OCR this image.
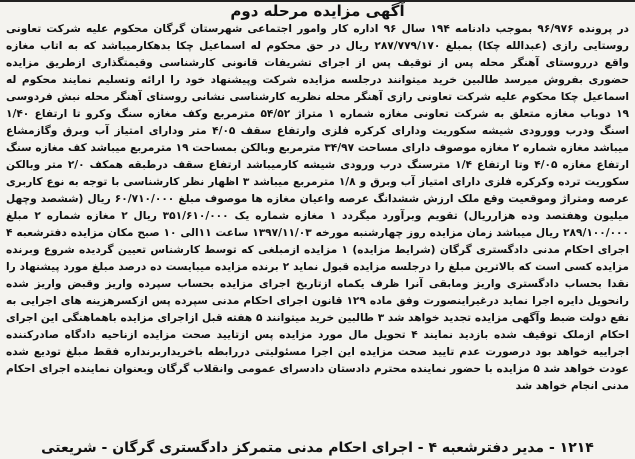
آگهی مزایده مرحله دوم

در پرونده ۹۶/۹۷۶ بموجب دادنامه ۱۹۴ سال ۹۶ اداره کار وامور اجتماعی شهرستان گرگان محکوم علیه شرکت تعاونی روستایی رازی (عبدالله چکا) بمبلغ ۲۸۷/۷۷۹/۱۷۰ ریال در حق محکوم له اسماعیل چکا بدهکارمیباشد که به اتاب مغازه واقع درروستای آهنگر محله پس از توقیف پس از اجرای تشریفات قانونی کارشناسی وقیمتگذاری ازطریق مزایده حضوری بفروش میرسد طالبین خرید میتوانند درجلسه مزایده شرکت وپیشنهاد خود را ارائه وتسلیم نمایند محکوم له اسماعیل چکا محکوم علیه شرکت تعاونی رازی آهنگر محله نظریه کارشناسی نشانی روستای آهنگر محله نبش فردوسی ۱۹ دوباب مغازه متعلق به شرکت تعاونی مغازه شماره ۱ متراژ ۵۴/۵۲ مترمربع وکف مغازه سنگ وکرو تا ارتفاع ۱/۴۰ اسنگ ودرب وورودی شیشه سکوریت ودارای کرکره فلزی وارتفاع سقف ۴/۰۵ متر ودارای امتیاز آب وبرق وگازمشاع میباشد مغازه شماره ۲ مغازه موصوف دارای مساحت ۳۴/۹۷ مترمربع وبالکن بمساحت ۱۹ مترمربع میباشد کف مغازه سنگ ارتفاع مغازه ۴/۰۵ وتا ارتفاع ۱/۴ مترسنگ درب ورودی شیشه کارمیباشد ارتفاع سقف درطبقه همکف ۲/۰ متر وبالکن سکوریت ترده وکرکره فلزی دارای امتیاز آب وبرق و ۱/۸ مترمربع میباشد ۳ اظهار نظر کارشناسی با توجه به نوع کاربری عرصه ومتراژ وموقعیت وقع ملک ارزش ششدانگ عرصه واعیان مغازه ها موصوف مبلغ ۶۰/۷۱۰/۰۰۰ ریال (ششصد وچهل میلیون وهفتصد وده هزارریال) تقویم وبرآورد میگردد ۱ مغازه شماره یک ۳۵۱/۶۱۰/۰۰۰ ریال ۲ مغازه شماره ۲ مبلغ ۲۸۹/۱۰۰/۰۰۰ ریال میباشد زمان مزایده روز چهارشنبه مورخه ۱۳۹۷/۱۱/۰۳ ساعت ۱۱الی ۱۰ صبح مکان مزایده دفترشعبه ۴ اجرای احکام مدنی دادگستری گرگان (شرایط مزایده) ۱ مزایده ازمبلغی که توسط کارشناس تعیین گردیده شروع وبرنده مزایده کسی است که بالاترین مبلغ را درجلسه مزایده قبول نماید ۲ برنده مزایده میبایست ده درصد مبلغ مورد پیشنهاد را نقدا بحساب دادگستری واریز ومابقی آنرا ظرف یکماه ازتاریخ اجرای مزایده بحساب سپرده واریز وقبض واریز شده رانحویل دایره اجرا نماید درغیراینصورت وفق ماده ۱۲۹ قانون اجرای احکام مدنی سپرده پس ازکسرهزینه های اجرایی به نفع دولت ضبط وآگهی مزایده تجدید خواهد شد ۳ طالبین خرید میتوانند ۵ هفته قبل ازاجرای مزایده باهماهنگی این اجرای احکام ازملک توقیف شده بازدید نمایند ۴ تحویل مال مورد مزایده پس ازتایید صحت مزایده ازناحیه دادگاه صادرکننده اجراییه خواهد بود درصورت عدم تایید صحت مزایده این اجرا مسئولیتی دررابطه باخریداربرنداره فقط مبلغ تودیع شده عودت خواهد شد ۵ مزایده با حضور نماینده محترم دادستان دادسرای عمومی وانقلاب گرگان وبعنوان نماینده اجرای احکام مدنی انجام خواهد شد

۱۲۱۴ - مدیر دفترشعبه ۴ - اجرای احکام مدنی متمرکز دادگستری گرگان - شریعتی
